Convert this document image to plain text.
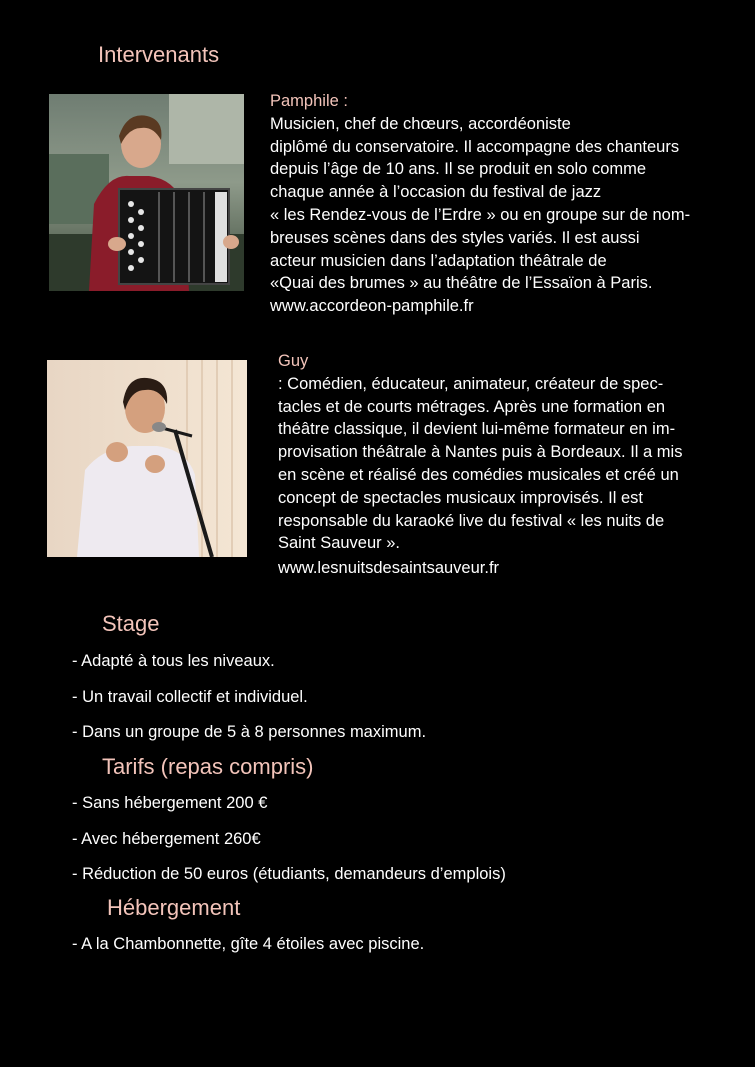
Intervenants
Pamphile :
Musicien, chef de chœurs, accordéoniste
diplômé du conservatoire. Il accompagne des chanteurs
depuis l’âge de 10 ans. Il se produit en solo comme
chaque année à l’occasion du festival de jazz
« les Rendez-vous de l’Erdre » ou en groupe sur de nom-
breuses scènes dans des styles variés. Il est aussi
acteur musicien dans l’adaptation théâtrale de
«Quai des brumes » au théâtre de l’Essaïon à Paris.
www.accordeon-pamphile.fr
Guy
: Comédien, éducateur, animateur, créateur de spec-
tacles et de courts métrages. Après une formation en
théâtre classique, il devient lui-même formateur en im-
provisation théâtrale à Nantes puis à Bordeaux. Il a mis
en scène et réalisé des comédies musicales et créé un
concept de spectacles musicaux improvisés. Il est
responsable du karaoké live du festival « les nuits de
Saint Sauveur ».
www.lesnuitsdesaintsauveur.fr
Stage
- Adapté à tous les niveaux.
- Un travail collectif et individuel.
- Dans un groupe de 5 à 8 personnes maximum.
Tarifs (repas compris)
- Sans hébergement 200 €
- Avec hébergement 260€
- Réduction de 50 euros (étudiants, demandeurs d’emplois)
Hébergement
- A la Chambonnette, gîte 4 étoiles avec piscine.
